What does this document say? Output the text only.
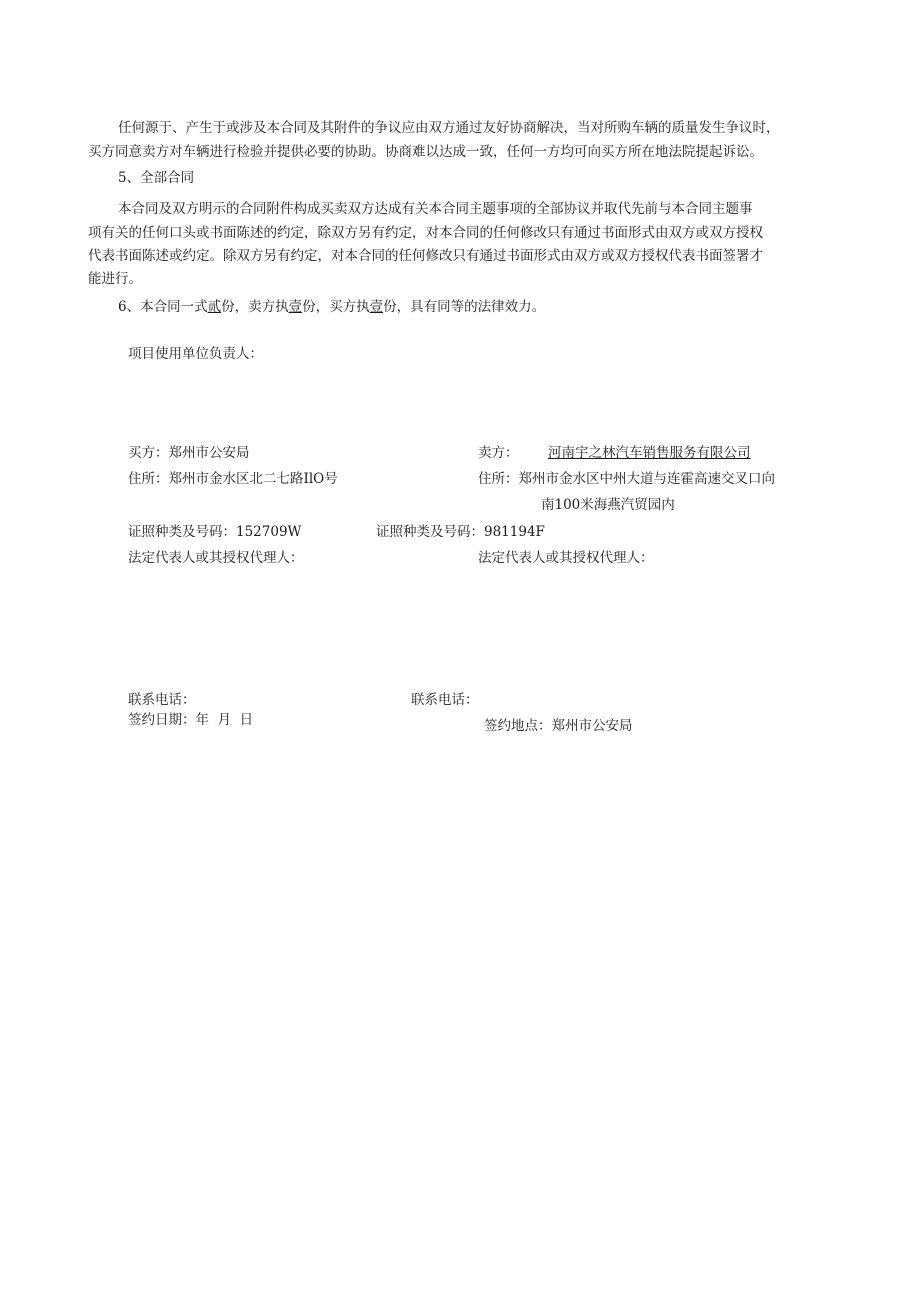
任何源于、产生于或涉及本合同及其附件的争议应由双方通过友好协商解决，当对所购车辆的质量发生争议时，
买方同意卖方对车辆进行检验并提供必要的协助。协商难以达成一致，任何一方均可向买方所在地法院提起诉讼。
5、全部合同
本合同及双方明示的合同附件构成买卖双方达成有关本合同主题事项的全部协议并取代先前与本合同主题事
项有关的任何口头或书面陈述的约定，除双方另有约定，对本合同的任何修改只有通过书面形式由双方或双方授权
代表书面陈述或约定。除双方另有约定，对本合同的任何修改只有通过书面形式由双方或双方授权代表书面签署才
能进行。
6、本合同一式贰份，卖方执壹份，买方执壹份，具有同等的法律效力。
项目使用单位负责人：
买方：郑州市公安局
住所：郑州市金水区北二七路IlO号
证照种类及号码：152709W
法定代表人或其授权代理人：
卖方： 河南宇之林汽车销售服务有限公司
住所：郑州市金水区中州大道与连霍高速交叉口向
南100米海燕汽贸园内
证照种类及号码：981194F
法定代表人或其授权代理人：
联系电话：	联系电话：
签约日期：年  月  日	签约地点：郑州市公安局
